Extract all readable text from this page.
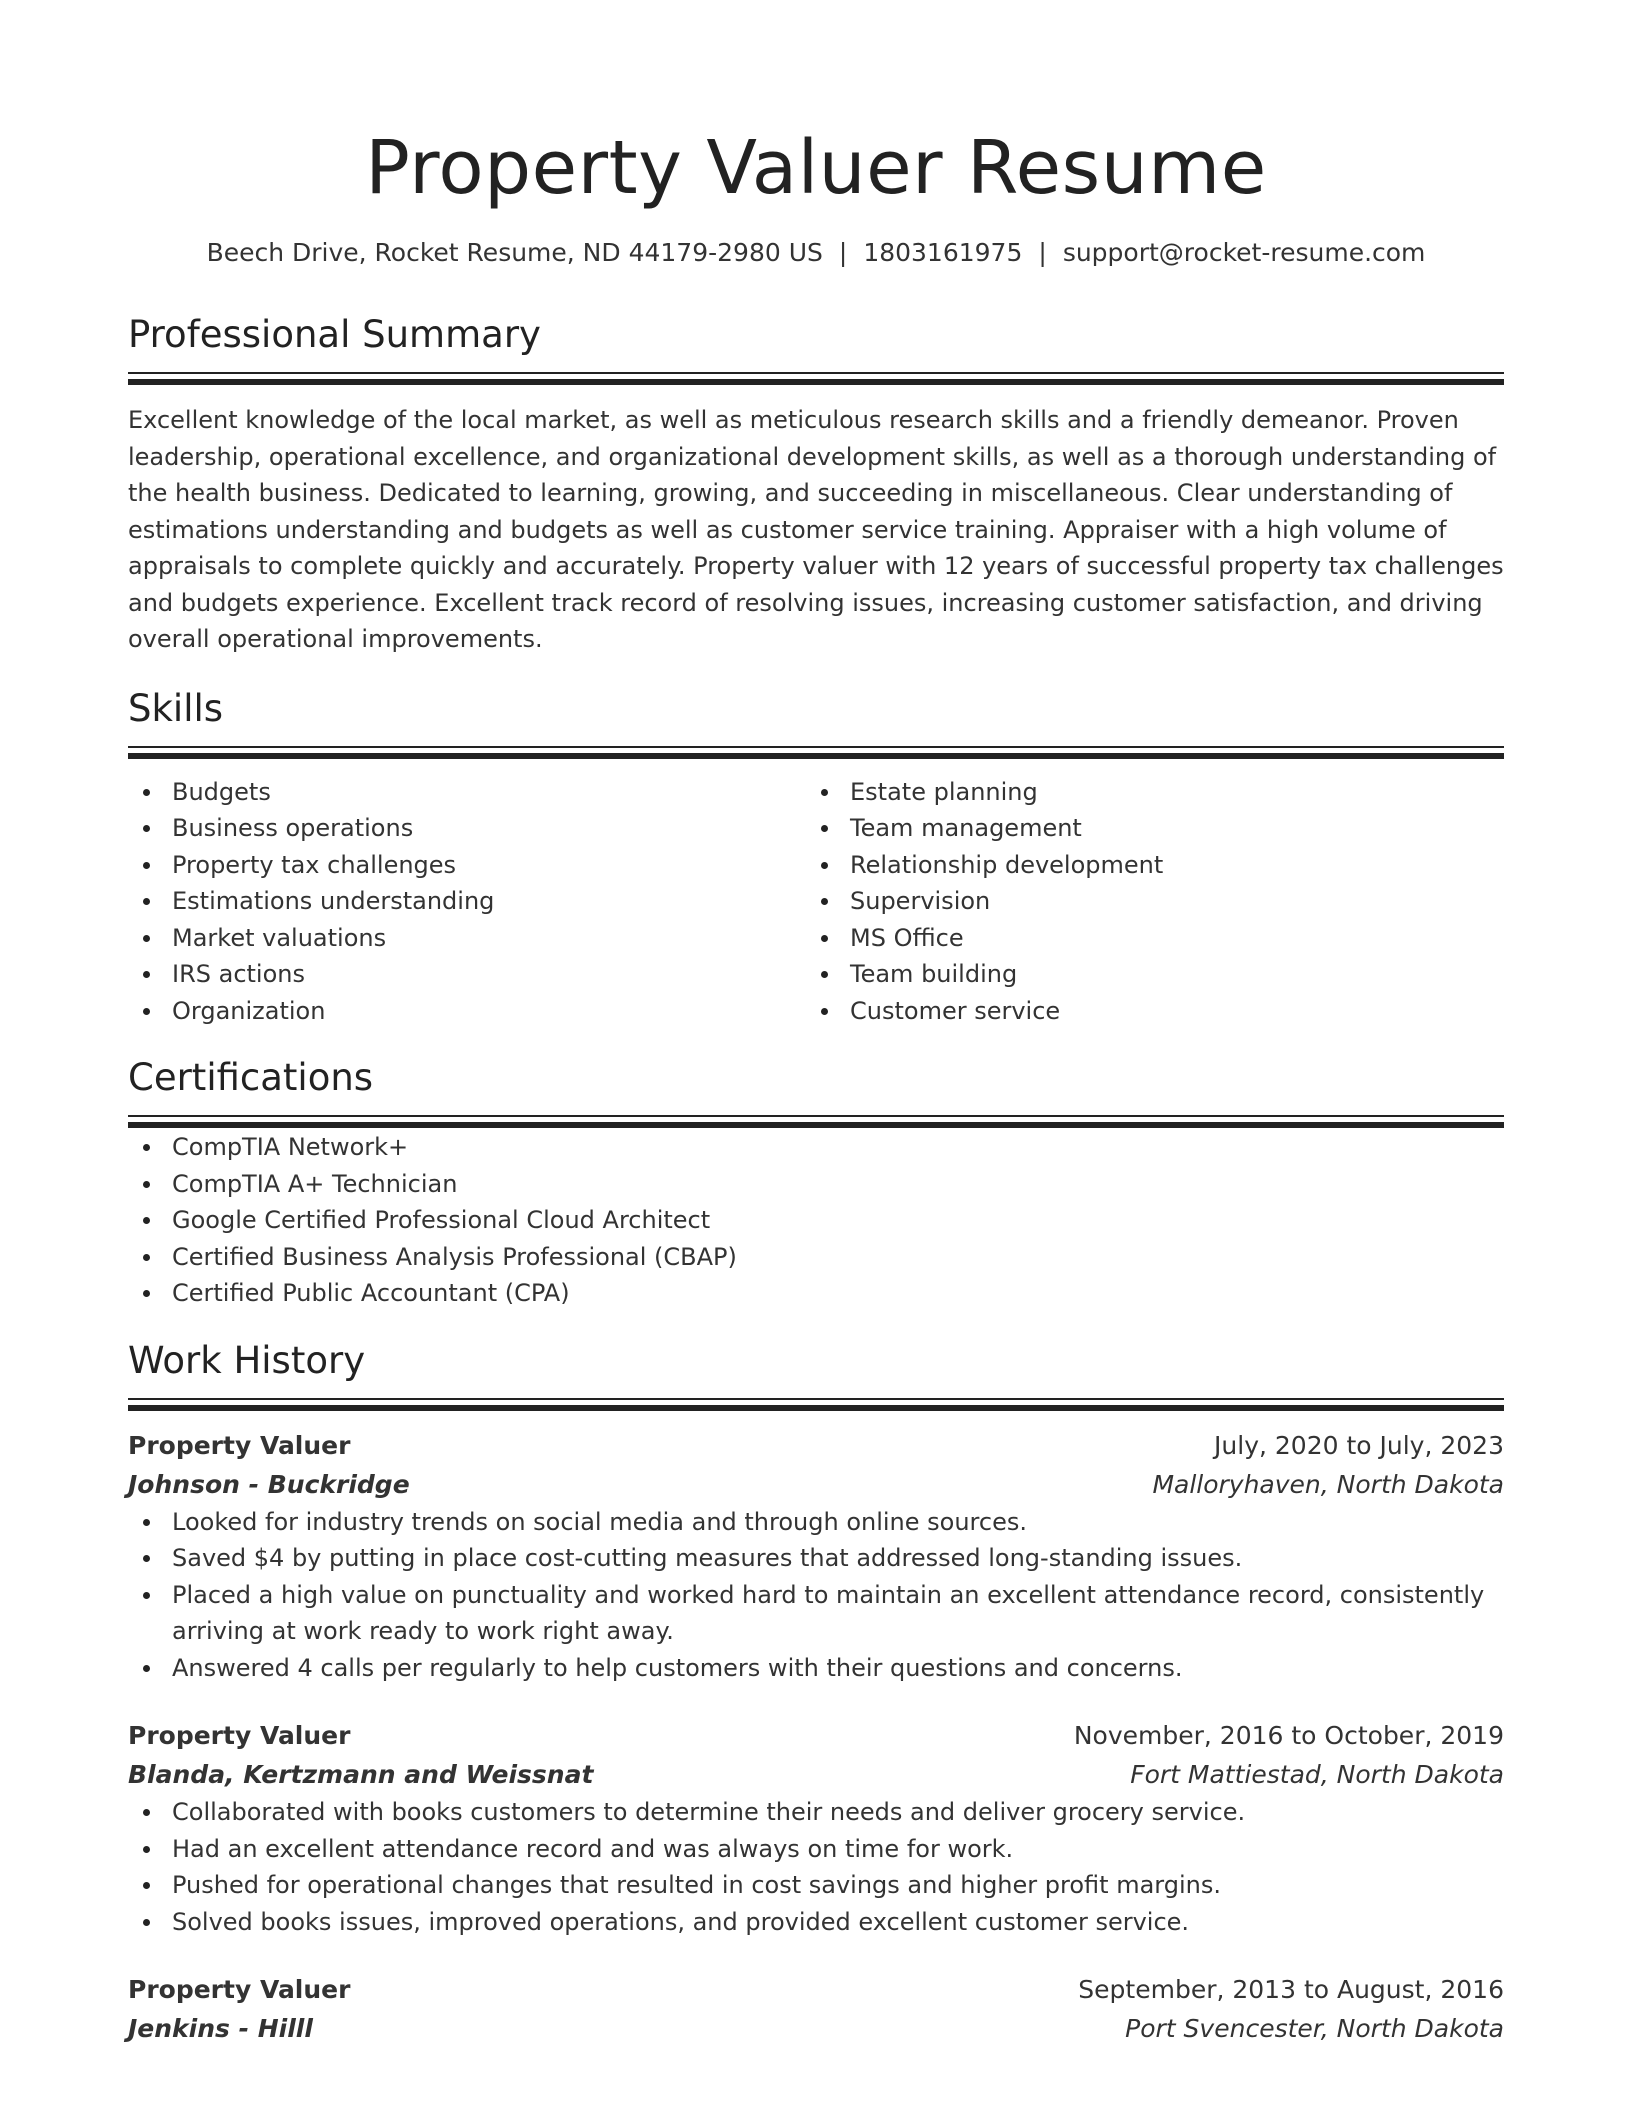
Property Valuer Resume
Beech Drive, Rocket Resume, ND 44179-2980 US | 1803161975 | support@rocket-resume.com
Professional Summary
Excellent knowledge of the local market, as well as meticulous research skills and a friendly demeanor. Proven leadership, operational excellence, and organizational development skills, as well as a thorough understanding of the health business. Dedicated to learning, growing, and succeeding in miscellaneous. Clear understanding of estimations understanding and budgets as well as customer service training. Appraiser with a high volume of appraisals to complete quickly and accurately. Property valuer with 12 years of successful property tax challenges and budgets experience. Excellent track record of resolving issues, increasing customer satisfaction, and driving overall operational improvements.
Skills
Budgets
Business operations
Property tax challenges
Estimations understanding
Market valuations
IRS actions
Organization
Estate planning
Team management
Relationship development
Supervision
MS Office
Team building
Customer service
Certifications
CompTIA Network+
CompTIA A+ Technician
Google Certified Professional Cloud Architect
Certified Business Analysis Professional (CBAP)
Certified Public Accountant (CPA)
Work History
Property Valuer	July, 2020 to July, 2023
Johnson - Buckridge	Malloryhaven, North Dakota
Looked for industry trends on social media and through online sources.
Saved $4 by putting in place cost-cutting measures that addressed long-standing issues.
Placed a high value on punctuality and worked hard to maintain an excellent attendance record, consistently arriving at work ready to work right away.
Answered 4 calls per regularly to help customers with their questions and concerns.
Property Valuer	November, 2016 to October, 2019
Blanda, Kertzmann and Weissnat	Fort Mattiestad, North Dakota
Collaborated with books customers to determine their needs and deliver grocery service.
Had an excellent attendance record and was always on time for work.
Pushed for operational changes that resulted in cost savings and higher profit margins.
Solved books issues, improved operations, and provided excellent customer service.
Property Valuer	September, 2013 to August, 2016
Jenkins - Hilll	Port Svencester, North Dakota
